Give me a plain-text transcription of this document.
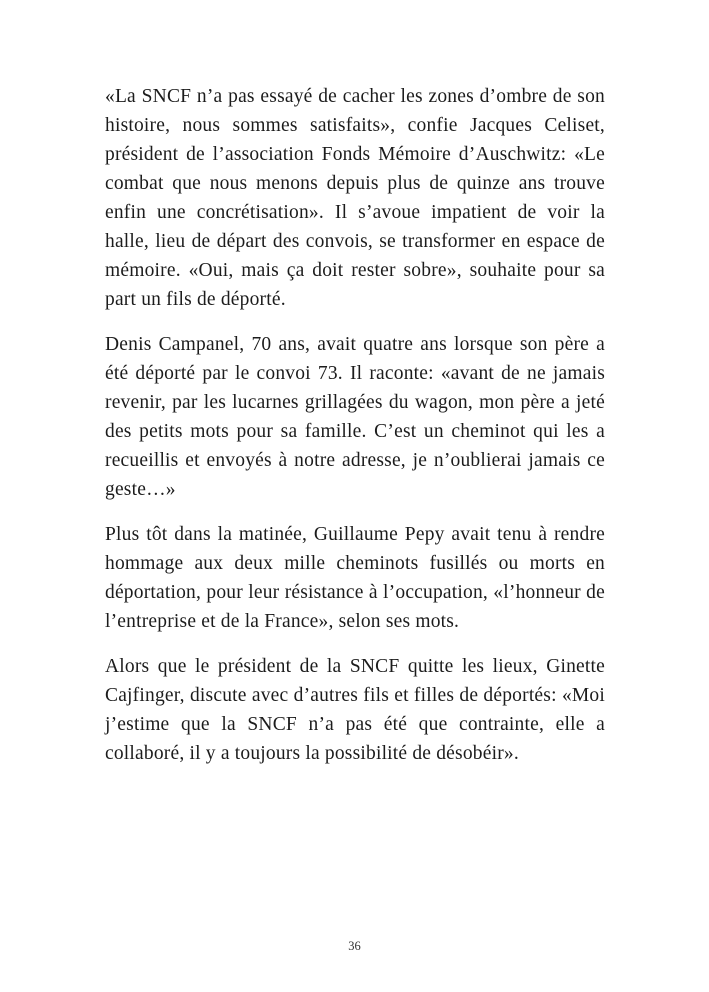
«La SNCF n’a pas essayé de cacher les zones d’ombre de son histoire, nous sommes satisfaits», confie Jacques Celiset, président de l’association Fonds Mémoire d’Auschwitz: «Le combat que nous menons depuis plus de quinze ans trouve enfin une concrétisation». Il s’avoue impatient de voir la halle, lieu de départ des convois, se transformer en espace de mémoire. «Oui, mais ça doit rester sobre», souhaite pour sa part un fils de déporté.

Denis Campanel, 70 ans, avait quatre ans lorsque son père a été déporté par le convoi 73. Il raconte: «avant de ne jamais revenir, par les lucarnes grillagées du wagon, mon père a jeté des petits mots pour sa famille. C’est un cheminot qui les a recueillis et envoyés à notre adresse, je n’oublierai jamais ce geste…»

Plus tôt dans la matinée, Guillaume Pepy avait tenu à rendre hommage aux deux mille cheminots fusillés ou morts en déportation, pour leur résistance à l’occupation, «l’honneur de l’entreprise et de la France», selon ses mots.

Alors que le président de la SNCF quitte les lieux, Ginette Cajfinger, discute avec d’autres fils et filles de déportés: «Moi j’estime que la SNCF n’a pas été que contrainte, elle a collaboré, il y a toujours la possibilité de désobéir».

36
